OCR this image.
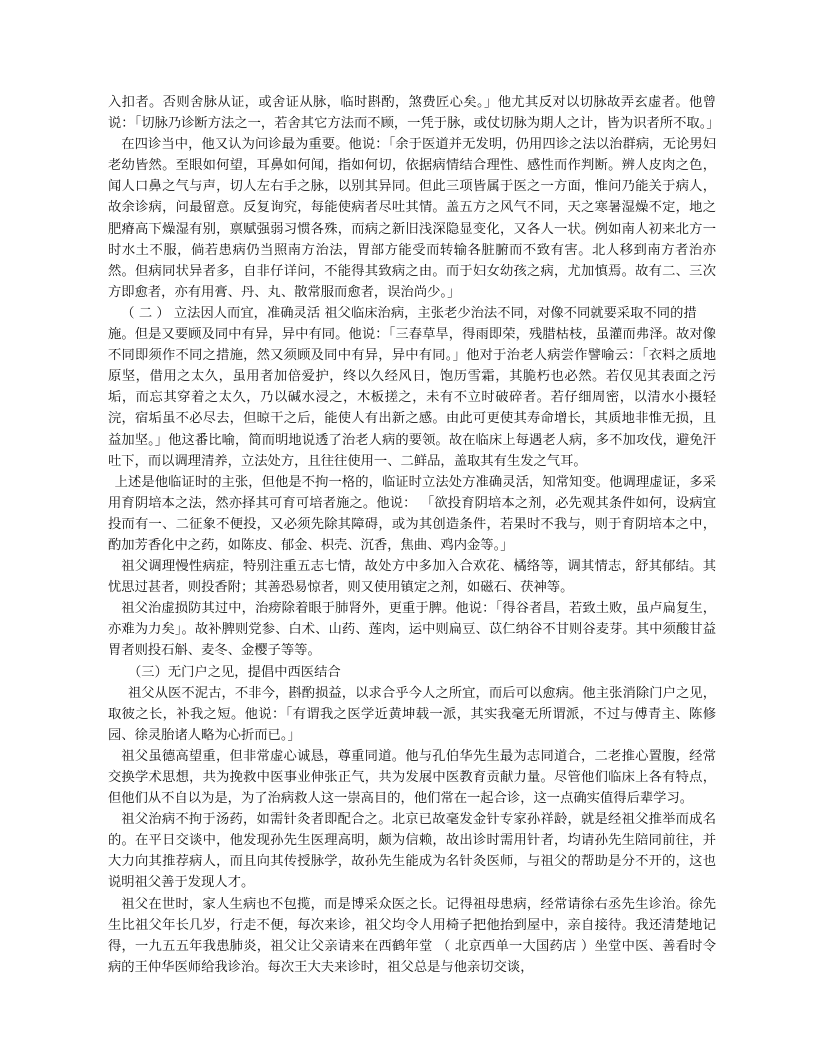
入扣者。否则舍脉从证，或舍证从脉，临时斟酌，煞费匠心矣。」他尤其反对以切脉故弄玄虚者。他曾说：「切脉乃诊断方法之一，若舍其它方法而不顾，一凭于脉，或仗切脉为期人之计，皆为识者所不取。」

在四诊当中，他又认为问诊最为重要。他说：「余于医道并无发明，仍用四诊之法以治群病，无论男妇老幼皆然。至眼如何望，耳鼻如何闻，指如何切，依据病情结合理性、感性而作判断。辨人皮肉之色，闻人口鼻之气与声，切人左右手之脉，以别其异同。但此三项皆属于医之一方面，惟问乃能关于病人，故余诊病，问最留意。反复询究，每能使病者尽吐其情。盖五方之风气不同，天之寒暑湿燥不定，地之肥瘠高下燥湿有别，禀赋强弱习惯各殊，而病之新旧浅深隐显变化，又各人一状。例如南人初来北方一时水土不服，倘若患病仍当照南方治法，胃部方能受而转输各脏腑而不致有害。北人移到南方者治亦然。但病同状异者多，自非仔详问，不能得其致病之由。而于妇女幼孩之病，尤加慎焉。故有二、三次方即愈者，亦有用膏、丹、丸、散常服而愈者，误治尚少。」

（ 二 ） 立法因人而宜，准确灵活 祖父临床治病，主张老少治法不同，对像不同就要采取不同的措

施。但是又要顾及同中有异，异中有同。他说：「三春草旱，得雨即荣，残腊枯枝，虽灌而弗泽。故对像不同即须作不同之措施，然又须顾及同中有异，异中有同。」他对于治老人病尝作譬喻云：「衣料之质地原坚，借用之太久，虽用者加倍爱护，终以久经风日，饱历雪霜，其脆朽也必然。若仅见其表面之污垢，而忘其穿着之太久，乃以碱水浸之，木板搓之，未有不立时破碎者。若仔细周密，以清水小摄轻浣，宿垢虽不必尽去，但晾干之后，能使人有出新之感。由此可更使其寿命增长，其质地非惟无损，且益加坚。」他这番比喻，简而明地说透了治老人病的要领。故在临床上每遇老人病，多不加攻伐，避免汗吐下，而以调理清养，立法处方，且往往使用一、二鲜品，盖取其有生发之气耳。

上述是他临证时的主张，但他是不拘一格的，临证时立法处方准确灵活，知常知变。他调理虚证，多采用育阴培本之法，然亦择其可育可培者施之。他说： 「欲投育阴培本之剂，必先观其条件如何，设病宜投而有一、二征象不便投，又必须先除其障碍，或为其创造条件，若果时不我与，则于育阴培本之中，酌加芳香化中之药，如陈皮、郁金、枳壳、沉香，焦曲、鸡内金等。」

祖父调理慢性病症，特别注重五志七情，故处方中多加入合欢花、橘络等，调其情志，舒其郁结。其忧思过甚者，则投香附；其善恐易惊者，则又使用镇定之剂，如磁石、茯神等。

祖父治虚损防其过中，治痨除着眼于肺肾外，更重于脾。他说：「得谷者昌，若致土败，虽卢扁复生，亦难为力矣」。故补脾则党参、白术、山药、莲肉，运中则扁豆、苡仁纳谷不甘则谷麦芽。其中须酸甘益胃者则投石斛、麦冬、金樱子等等。

（三）无门户之见，提倡中西医结合

祖父从医不泥古，不非今，斟酌损益，以求合乎今人之所宜，而后可以愈病。他主张消除门户之见，取彼之长，补我之短。他说：「有谓我之医学近黄坤载一派，其实我毫无所谓派，不过与傅青主、陈修园、徐灵胎诸人略为心折而已。」

祖父虽德高望重，但非常虚心诚恳，尊重同道。他与孔伯华先生最为志同道合，二老推心置腹，经常交换学术思想，共为挽救中医事业伸张正气，共为发展中医教育贡献力量。尽管他们临床上各有特点，但他们从不自以为是，为了治病救人这一崇高目的，他们常在一起合诊，这一点确实值得后辈学习。

祖父治病不拘于汤药，如需针灸者即配合之。北京已故毫发金针专家孙祥龄，就是经祖父推举而成名的。在平日交谈中，他发现孙先生医理高明，颇为信赖，故出诊时需用针者，均请孙先生陪同前往，并大力向其推荐病人，而且向其传授脉学，故孙先生能成为名针灸医师，与祖父的帮助是分不开的，这也说明祖父善于发现人才。

祖父在世时，家人生病也不包揽，而是博采众医之长。记得祖母患病，经常请徐右丞先生诊治。徐先生比祖父年长几岁，行走不便，每次来诊，祖父均令人用椅子把他抬到屋中，亲自接待。我还清楚地记得，一九五五年我患肺炎，祖父让父亲请来在西鹤年堂 （ 北京西单一大国药店 ）坐堂中医、善看时令病的王仲华医师给我诊治。每次王大夫来诊时，祖父总是与他亲切交谈，
